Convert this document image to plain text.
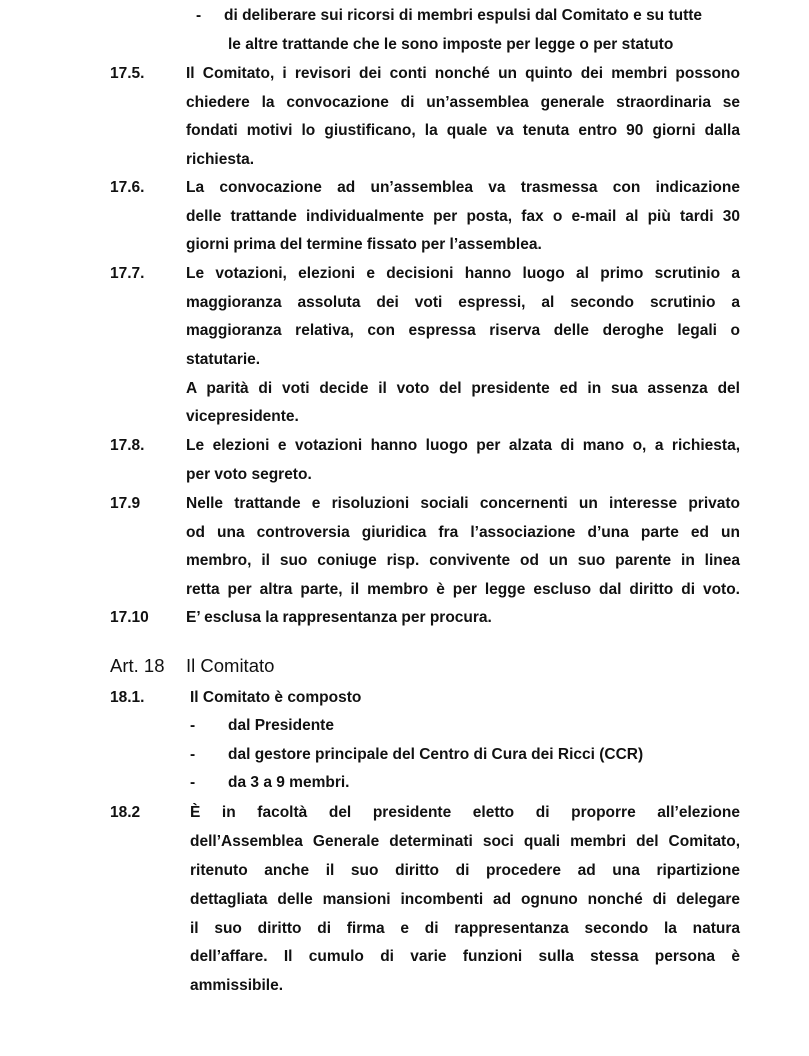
- di deliberare sui ricorsi di membri espulsi dal Comitato e su tutte
le altre trattande che le sono imposte per legge o per statuto
17.5.	Il Comitato, i revisori dei conti nonché un quinto dei membri possono
chiedere la convocazione di un’assemblea generale straordinaria se
fondati motivi lo giustificano, la quale va tenuta entro 90 giorni dalla
richiesta.
17.6.	La convocazione ad un’assemblea va trasmessa con indicazione
delle trattande individualmente per posta, fax o e-mail al più tardi 30
giorni prima del termine fissato per l’assemblea.
17.7.	Le votazioni, elezioni e decisioni hanno luogo al primo scrutinio a
maggioranza assoluta dei voti espressi, al secondo scrutinio a
maggioranza relativa, con espressa riserva delle deroghe legali o
statutarie.
A parità di voti decide il voto del presidente ed in sua assenza del
vicepresidente.
17.8.	Le elezioni e votazioni hanno luogo per alzata di mano o, a richiesta,
per voto segreto.
17.9	Nelle trattande e risoluzioni sociali concernenti un interesse privato
od una controversia giuridica fra l’associazione d’una parte ed un
membro, il suo coniuge risp. convivente od un suo parente in linea
retta per altra parte, il membro è per legge escluso dal diritto di voto.
17.10 E’ esclusa la rappresentanza per procura.
Art. 18 Il Comitato
18.1.	Il Comitato è composto
- dal Presidente
- dal gestore principale del Centro di Cura dei Ricci (CCR)
- da 3 a 9 membri.
18.2	È in facoltà del presidente eletto di proporre all’elezione
dell’Assemblea Generale determinati soci quali membri del Comitato,
ritenuto anche il suo diritto di procedere ad una ripartizione
dettagliata delle mansioni incombenti ad ognuno nonché di delegare
il suo diritto di firma e di rappresentanza secondo la natura
dell’affare. Il cumulo di varie funzioni sulla stessa persona è
ammissibile.
